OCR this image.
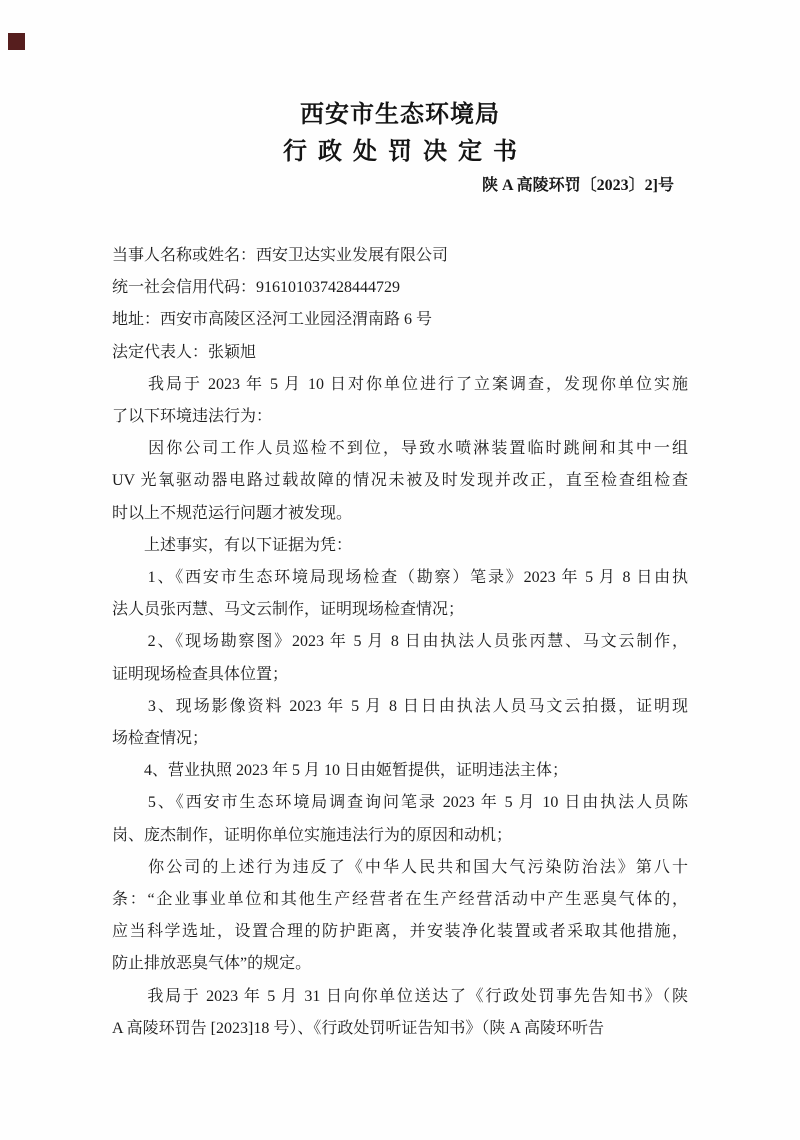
西安市生态环境局
行政处罚决定书
陕 A 高陵环罚〔2023〕2]号
当事人名称或姓名：西安卫达实业发展有限公司
统一社会信用代码：916101037428444729
地址：西安市高陵区泾河工业园泾渭南路 6 号
法定代表人：张颖旭
　　我局于 2023 年 5 月 10 日对你单位进行了立案调查，发现你单位实施
了以下环境违法行为：
　　因你公司工作人员巡检不到位，导致水喷淋装置临时跳闸和其中一组
UV 光氧驱动器电路过载故障的情况未被及时发现并改正，直至检查组检查
时以上不规范运行问题才被发现。
　　上述事实，有以下证据为凭：
　　1、《西安市生态环境局现场检查（勘察）笔录》2023 年 5 月 8 日由执
法人员张丙慧、马文云制作，证明现场检查情况；
　　2、《现场勘察图》2023 年 5 月 8 日由执法人员张丙慧、马文云制作，
证明现场检查具体位置；
　　3、现场影像资料 2023 年 5 月 8 日日由执法人员马文云拍摄，证明现
场检查情况；
　　4、营业执照 2023 年 5 月 10 日由姬暂提供，证明违法主体；
　　5、《西安市生态环境局调查询问笔录 2023 年 5 月 10 日由执法人员陈
岗、庞杰制作，证明你单位实施违法行为的原因和动机；
　　你公司的上述行为违反了《中华人民共和国大气污染防治法》第八十
条：“企业事业单位和其他生产经营者在生产经营活动中产生恶臭气体的，
应当科学选址，设置合理的防护距离，并安装净化装置或者采取其他措施，
防止排放恶臭气体”的规定。
　　我局于 2023 年 5 月 31 日向你单位送达了《行政处罚事先告知书》（陕
A 高陵环罚告 [2023]18 号）、《行政处罚听证告知书》（陕 A 高陵环听告
